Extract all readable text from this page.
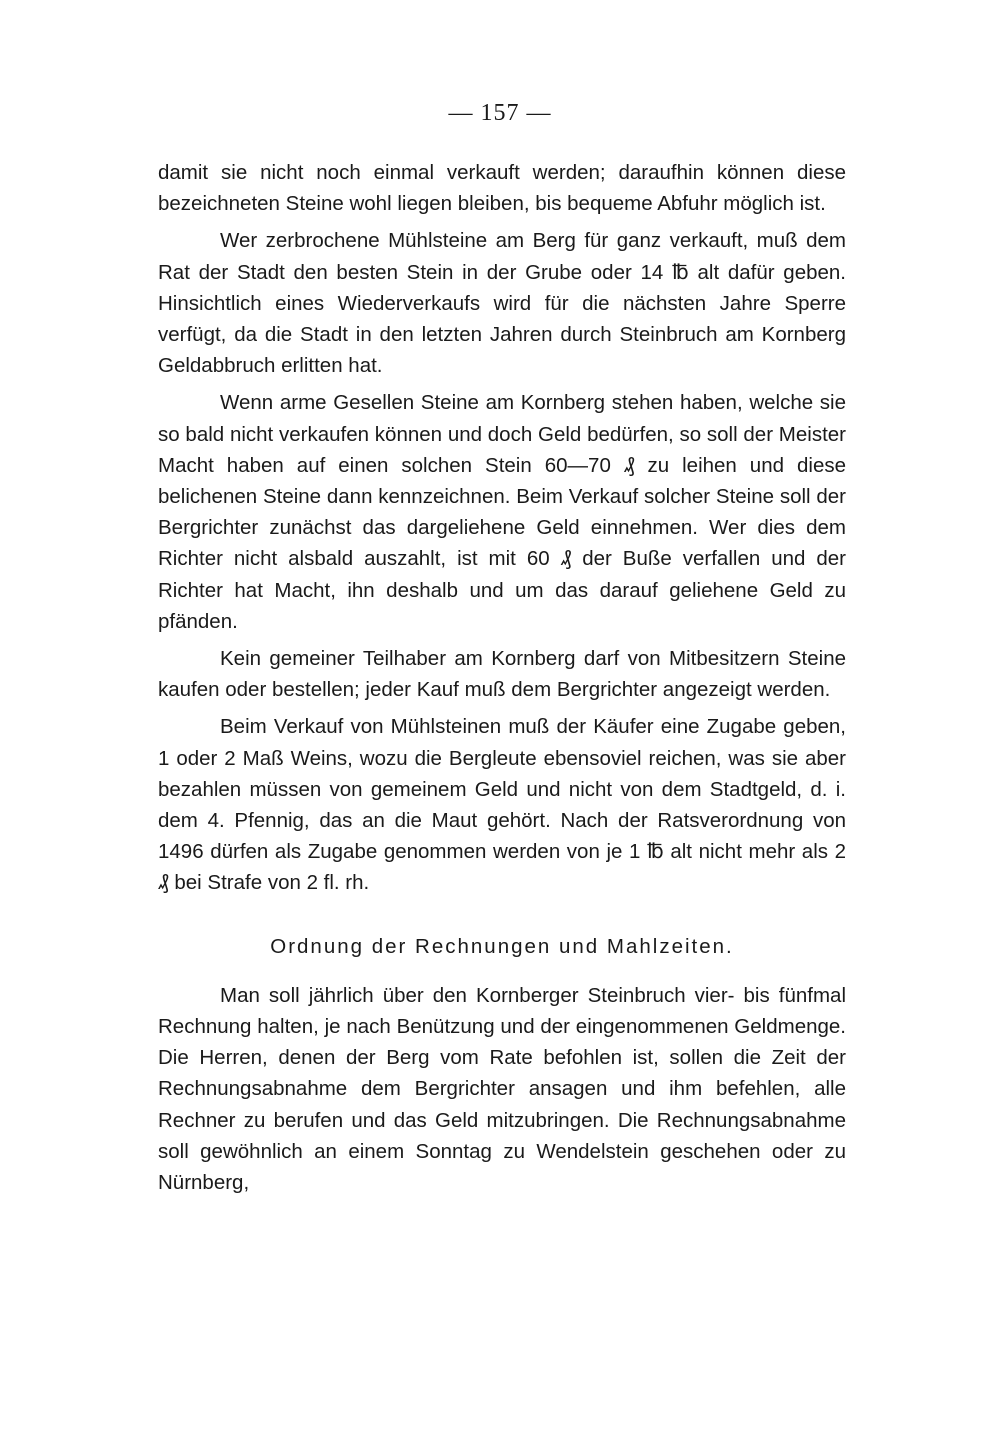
— 157 —

damit sie nicht noch einmal verkauft werden; daraufhin können diese bezeichneten Steine wohl liegen bleiben, bis bequeme Abfuhr möglich ist.

Wer zerbrochene Mühlsteine am Berg für ganz verkauft, muß dem Rat der Stadt den besten Stein in der Grube oder 14 ℔ alt dafür geben. Hinsichtlich eines Wiederverkaufs wird für die nächsten Jahre Sperre verfügt, da die Stadt in den letzten Jahren durch Steinbruch am Kornberg Geldabbruch erlitten hat.

Wenn arme Gesellen Steine am Kornberg stehen haben, welche sie so bald nicht verkaufen können und doch Geld bedürfen, so soll der Meister Macht haben auf einen solchen Stein 60—70 ₰ zu leihen und diese belichenen Steine dann kennzeichnen. Beim Verkauf solcher Steine soll der Bergrichter zunächst das dargeliehene Geld einnehmen. Wer dies dem Richter nicht alsbald auszahlt, ist mit 60 ₰ der Buße verfallen und der Richter hat Macht, ihn deshalb und um das darauf geliehene Geld zu pfänden.

Kein gemeiner Teilhaber am Kornberg darf von Mitbesitzern Steine kaufen oder bestellen; jeder Kauf muß dem Bergrichter angezeigt werden.

Beim Verkauf von Mühlsteinen muß der Käufer eine Zugabe geben, 1 oder 2 Maß Weins, wozu die Bergleute ebensoviel reichen, was sie aber bezahlen müssen von gemeinem Geld und nicht von dem Stadtgeld, d. i. dem 4. Pfennig, das an die Maut gehört. Nach der Ratsverordnung von 1496 dürfen als Zugabe genommen werden von je 1 ℔ alt nicht mehr als 2 ₰ bei Strafe von 2 fl. rh.

Ordnung der Rechnungen und Mahlzeiten.

Man soll jährlich über den Kornberger Steinbruch vier- bis fünfmal Rechnung halten, je nach Benützung und der eingenommenen Geldmenge. Die Herren, denen der Berg vom Rate befohlen ist, sollen die Zeit der Rechnungsabnahme dem Bergrichter ansagen und ihm befehlen, alle Rechner zu berufen und das Geld mitzubringen. Die Rechnungsabnahme soll gewöhnlich an einem Sonntag zu Wendelstein geschehen oder zu Nürnberg,
